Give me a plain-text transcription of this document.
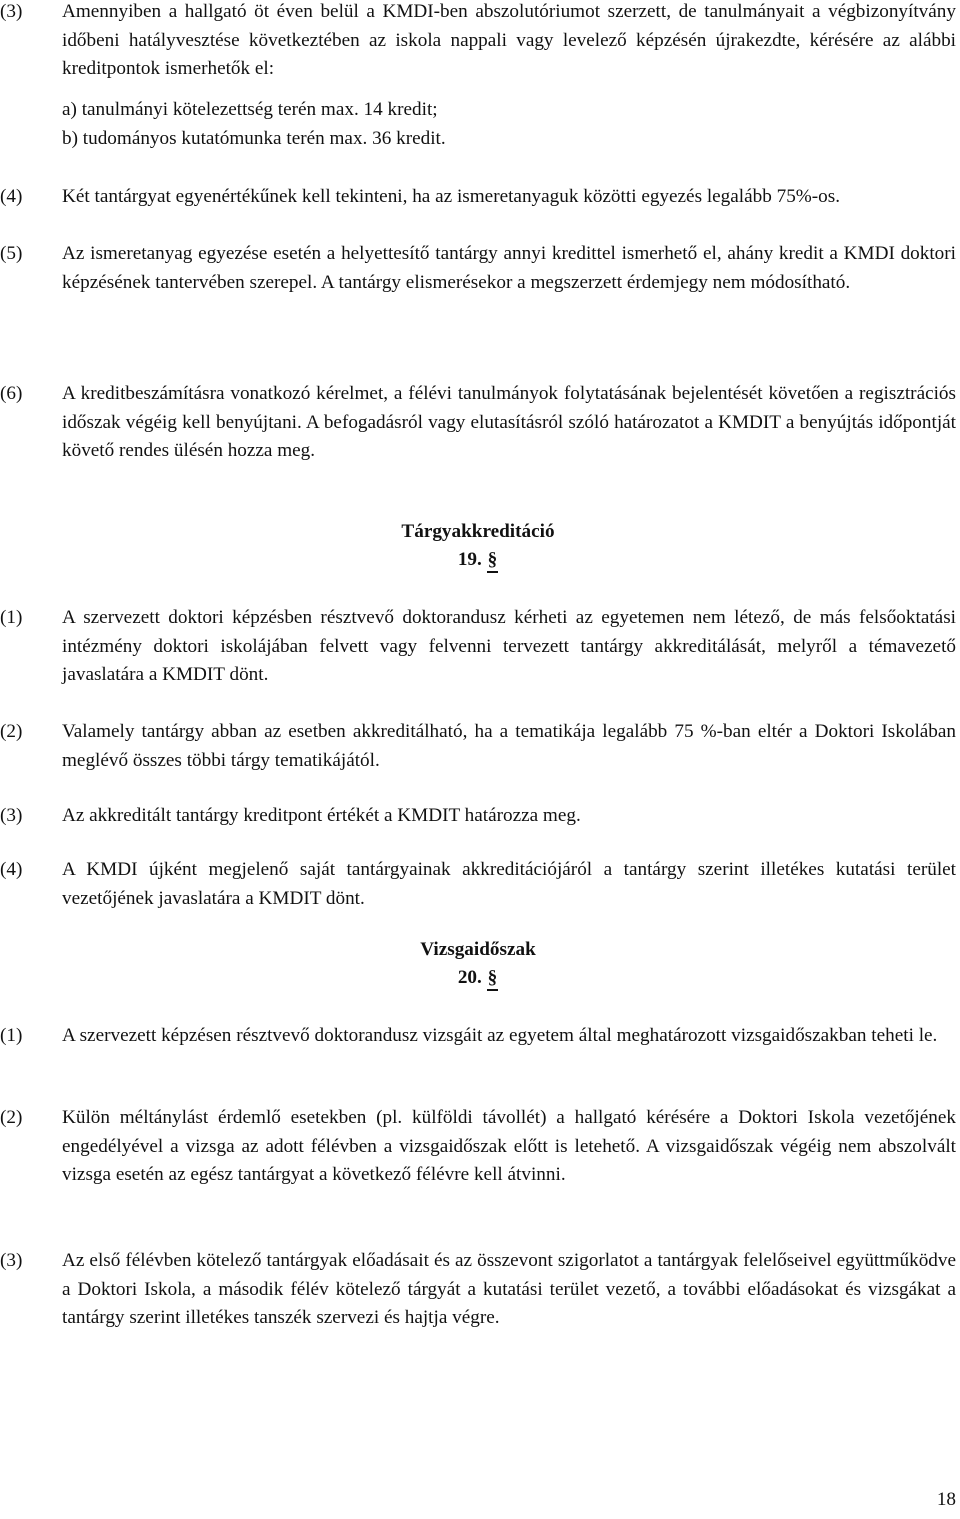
(3) Amennyiben a hallgató öt éven belül a KMDI-ben abszolutóriumot szerzett, de tanulmányait a végbizonyítvány időbeni hatályvesztése következtében az iskola nappali vagy levelező képzésén újrakezdte, kérésére az alábbi kreditpontok ismerhetők el:
a) tanulmányi kötelezettség terén max. 14 kredit;
b) tudományos kutatómunka terén max. 36 kredit.
(4) Két tantárgyat egyenértékűnek kell tekinteni, ha az ismeretanyaguk közötti egyezés legalább 75%-os.
(5) Az ismeretanyag egyezése esetén a helyettesítő tantárgy annyi kredittel ismerhető el, ahány kredit a KMDI doktori képzésének tantervében szerepel. A tantárgy elismerésekor a megszerzett érdemjegy nem módosítható.
(6) A kreditbeszámításra vonatkozó kérelmet, a félévi tanulmányok folytatásának bejelentését követően a regisztrációs időszak végéig kell benyújtani. A befogadásról vagy elutasításról szóló határozatot a KMDIT a benyújtás időpontját követő rendes ülésén hozza meg.
Tárgyakkreditáció
19. §
(1) A szervezett doktori képzésben résztvevő doktorandusz kérheti az egyetemen nem létező, de más felsőoktatási intézmény doktori iskolájában felvett vagy felvenni tervezett tantárgy akkreditálását, melyről a témavezető javaslatára a KMDIT dönt.
(2) Valamely tantárgy abban az esetben akkreditálható, ha a tematikája legalább 75 %-ban eltér a Doktori Iskolában meglévő összes többi tárgy tematikájától.
(3) Az akkreditált tantárgy kreditpont értékét a KMDIT határozza meg.
(4) A KMDI újként megjelenő saját tantárgyainak akkreditációjáról a tantárgy szerint illetékes kutatási terület vezetőjének javaslatára a KMDIT dönt.
Vizsgaidőszak
20. §
(1) A szervezett képzésen résztvevő doktorandusz vizsgáit az egyetem által meghatározott vizsgaidőszakban teheti le.
(2) Külön méltánylást érdemlő esetekben (pl. külföldi távollét) a hallgató kérésére a Doktori Iskola vezetőjének engedélyével a vizsga az adott félévben a vizsgaidőszak előtt is letehető. A vizsgaidőszak végéig nem abszolvált vizsga esetén az egész tantárgyat a következő félévre kell átvinni.
(3) Az első félévben kötelező tantárgyak előadásait és az összevont szigorlatot a tantárgyak felelőseivel együttműködve a Doktori Iskola, a második félév kötelező tárgyát a kutatási terület vezető, a további előadásokat és vizsgákat a tantárgy szerint illetékes tanszék szervezi és hajtja végre.
18
